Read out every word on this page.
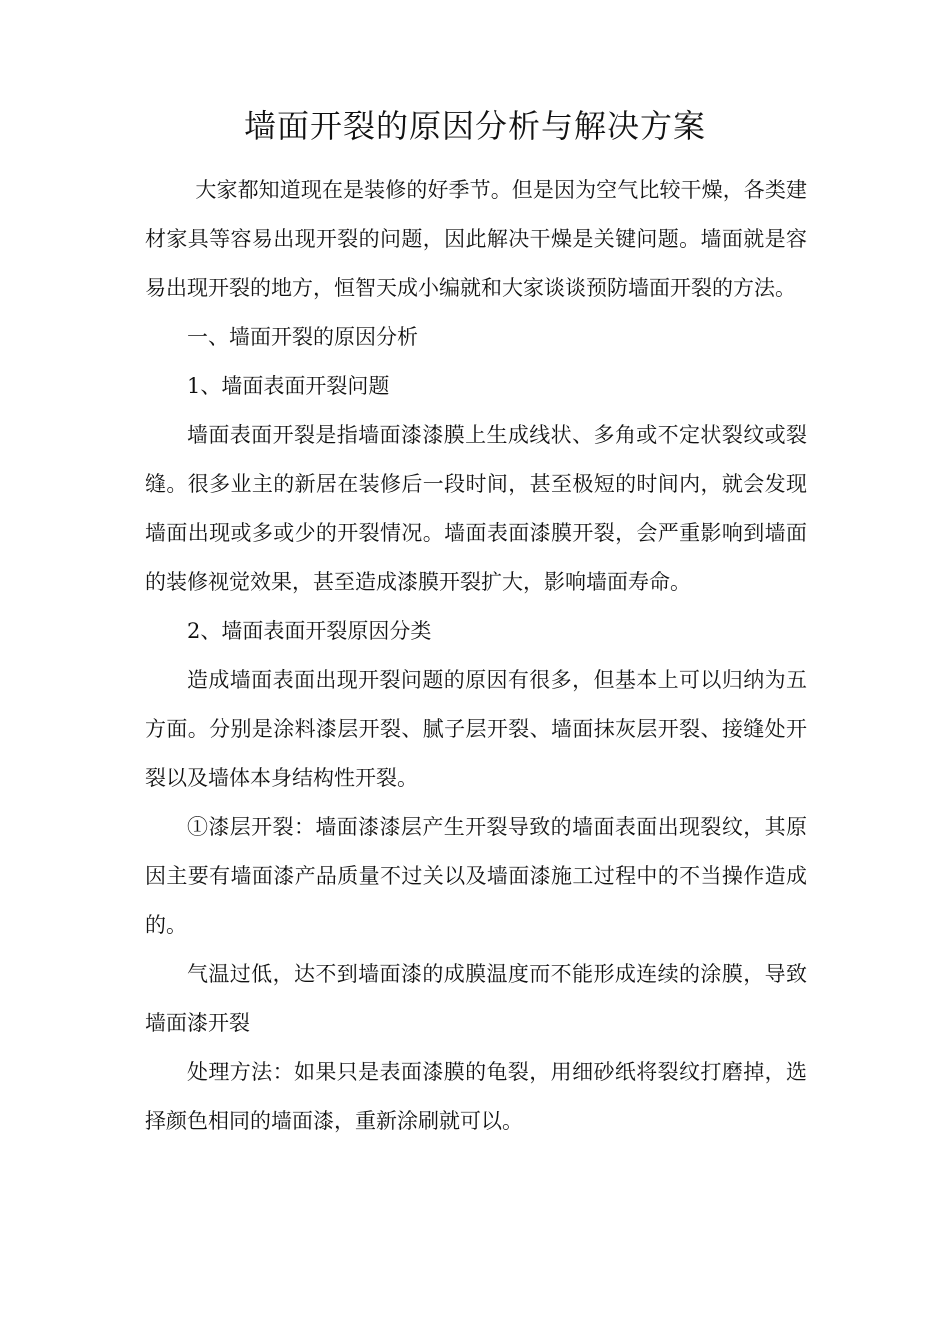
墙面开裂的原因分析与解决方案

大家都知道现在是装修的好季节。但是因为空气比较干燥，各类建材家具等容易出现开裂的问题，因此解决干燥是关键问题。墙面就是容易出现开裂的地方，恒智天成小编就和大家谈谈预防墙面开裂的方法。

一、墙面开裂的原因分析

1、墙面表面开裂问题

墙面表面开裂是指墙面漆漆膜上生成线状、多角或不定状裂纹或裂缝。很多业主的新居在装修后一段时间，甚至极短的时间内，就会发现墙面出现或多或少的开裂情况。墙面表面漆膜开裂，会严重影响到墙面的装修视觉效果，甚至造成漆膜开裂扩大，影响墙面寿命。

2、墙面表面开裂原因分类

造成墙面表面出现开裂问题的原因有很多，但基本上可以归纳为五方面。分别是涂料漆层开裂、腻子层开裂、墙面抹灰层开裂、接缝处开裂以及墙体本身结构性开裂。

①漆层开裂：墙面漆漆层产生开裂导致的墙面表面出现裂纹，其原因主要有墙面漆产品质量不过关以及墙面漆施工过程中的不当操作造成的。

气温过低，达不到墙面漆的成膜温度而不能形成连续的涂膜，导致墙面漆开裂

处理方法：如果只是表面漆膜的龟裂，用细砂纸将裂纹打磨掉，选择颜色相同的墙面漆，重新涂刷就可以。
